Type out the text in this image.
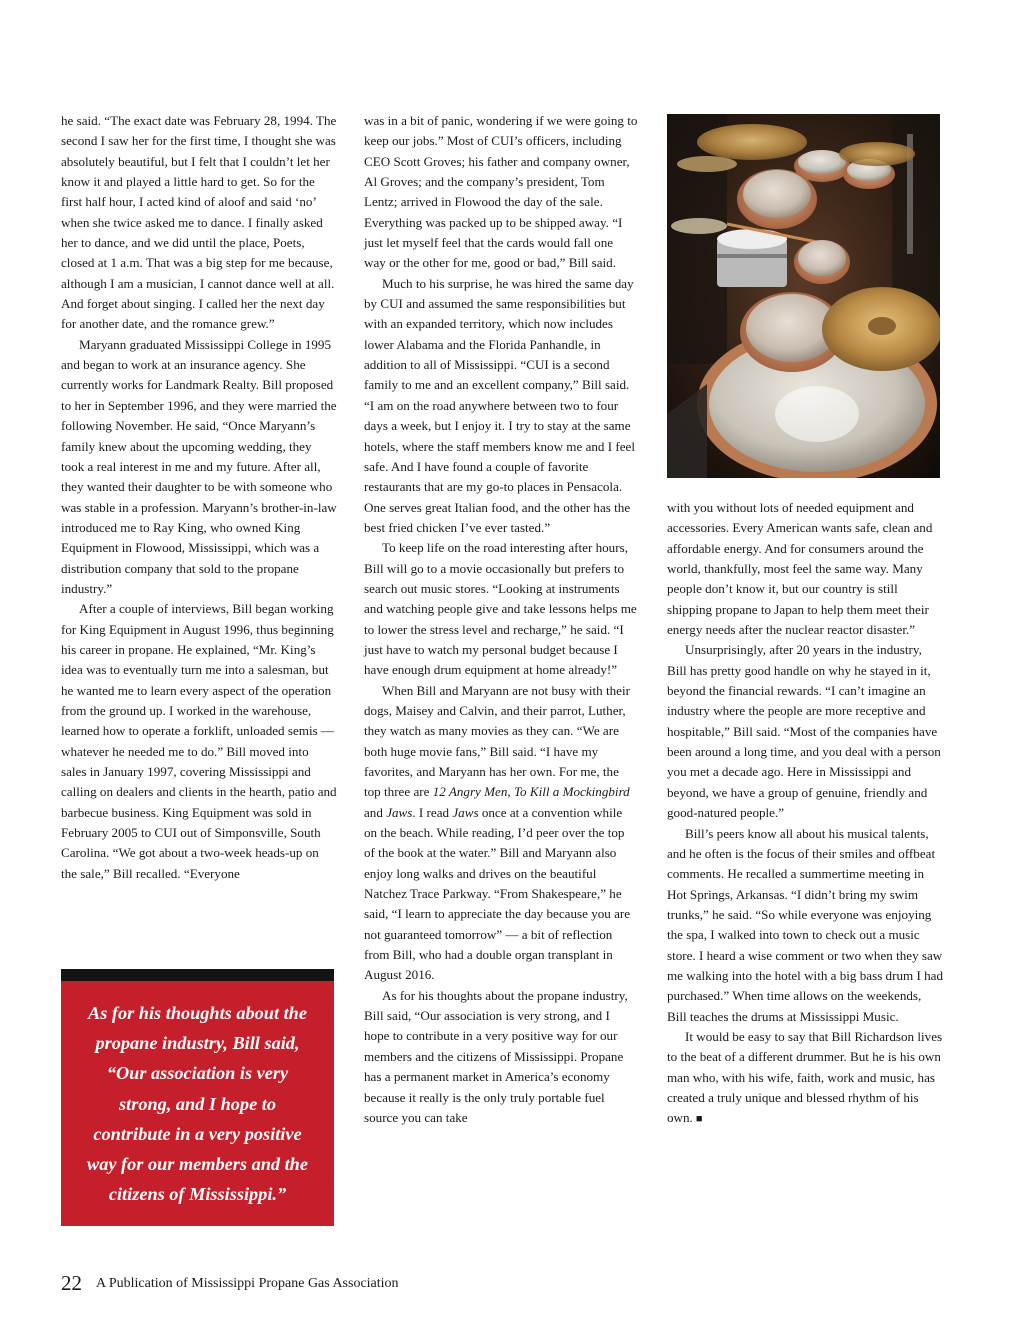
he said. “The exact date was February 28, 1994. The second I saw her for the first time, I thought she was absolutely beautiful, but I felt that I couldn’t let her know it and played a little hard to get. So for the first half hour, I acted kind of aloof and said ‘no’ when she twice asked me to dance. I finally asked her to dance, and we did until the place, Poets, closed at 1 a.m. That was a big step for me because, although I am a musician, I cannot dance well at all. And forget about singing. I called her the next day for another date, and the romance grew.”

Maryann graduated Mississippi College in 1995 and began to work at an insurance agency. She currently works for Landmark Realty. Bill proposed to her in September 1996, and they were married the following November. He said, “Once Maryann’s family knew about the upcoming wedding, they took a real interest in me and my future. After all, they wanted their daughter to be with someone who was stable in a profession. Maryann’s brother-in-law introduced me to Ray King, who owned King Equipment in Flowood, Mississippi, which was a distribution company that sold to the propane industry.”

After a couple of interviews, Bill began working for King Equipment in August 1996, thus beginning his career in propane. He explained, “Mr. King’s idea was to eventually turn me into a salesman, but he wanted me to learn every aspect of the operation from the ground up. I worked in the warehouse, learned how to operate a forklift, unloaded semis — whatever he needed me to do.” Bill moved into sales in January 1997, covering Mississippi and calling on dealers and clients in the hearth, patio and barbecue business. King Equipment was sold in February 2005 to CUI out of Simponsville, South Carolina. “We got about a two-week heads-up on the sale,” Bill recalled. “Everyone

As for his thoughts about the propane industry, Bill said, “Our association is very strong, and I hope to contribute in a very positive way for our members and the citizens of Mississippi.”

was in a bit of panic, wondering if we were going to keep our jobs.” Most of CUI’s officers, including CEO Scott Groves; his father and company owner, Al Groves; and the company’s president, Tom Lentz; arrived in Flowood the day of the sale. Everything was packed up to be shipped away. “I just let myself feel that the cards would fall one way or the other for me, good or bad,” Bill said.

Much to his surprise, he was hired the same day by CUI and assumed the same responsibilities but with an expanded territory, which now includes lower Alabama and the Florida Panhandle, in addition to all of Mississippi. “CUI is a second family to me and an excellent company,” Bill said. “I am on the road anywhere between two to four days a week, but I enjoy it. I try to stay at the same hotels, where the staff members know me and I feel safe. And I have found a couple of favorite restaurants that are my go-to places in Pensacola. One serves great Italian food, and the other has the best fried chicken I’ve ever tasted.”

To keep life on the road interesting after hours, Bill will go to a movie occasionally but prefers to search out music stores. “Looking at instruments and watching people give and take lessons helps me to lower the stress level and recharge,” he said. “I just have to watch my personal budget because I have enough drum equipment at home already!”

When Bill and Maryann are not busy with their dogs, Maisey and Calvin, and their parrot, Luther, they watch as many movies as they can. “We are both huge movie fans,” Bill said. “I have my favorites, and Maryann has her own. For me, the top three are 12 Angry Men, To Kill a Mockingbird and Jaws. I read Jaws once at a convention while on the beach. While reading, I’d peer over the top of the book at the water.” Bill and Maryann also enjoy long walks and drives on the beautiful Natchez Trace Parkway. “From Shakespeare,” he said, “I learn to appreciate the day because you are not guaranteed tomorrow” — a bit of reflection from Bill, who had a double organ transplant in August 2016.

As for his thoughts about the propane industry, Bill said, “Our association is very strong, and I hope to contribute in a very positive way for our members and the citizens of Mississippi. Propane has a permanent market in America’s economy because it really is the only truly portable fuel source you can take

with you without lots of needed equipment and accessories. Every American wants safe, clean and affordable energy. And for consumers around the world, thankfully, most feel the same way. Many people don’t know it, but our country is still shipping propane to Japan to help them meet their energy needs after the nuclear reactor disaster.”

Unsurprisingly, after 20 years in the industry, Bill has pretty good handle on why he stayed in it, beyond the financial rewards. “I can’t imagine an industry where the people are more receptive and hospitable,” Bill said. “Most of the companies have been around a long time, and you deal with a person you met a decade ago. Here in Mississippi and beyond, we have a group of genuine, friendly and good-natured people.”

Bill’s peers know all about his musical talents, and he often is the focus of their smiles and offbeat comments. He recalled a summertime meeting in Hot Springs, Arkansas. “I didn’t bring my swim trunks,” he said. “So while everyone was enjoying the spa, I walked into town to check out a music store. I heard a wise comment or two when they saw me walking into the hotel with a big bass drum I had purchased.” When time allows on the weekends, Bill teaches the drums at Mississippi Music.

It would be easy to say that Bill Richardson lives to the beat of a different drummer. But he is his own man who, with his wife, faith, work and music, has created a truly unique and blessed rhythm of his own. ■

22 A Publication of Mississippi Propane Gas Association
